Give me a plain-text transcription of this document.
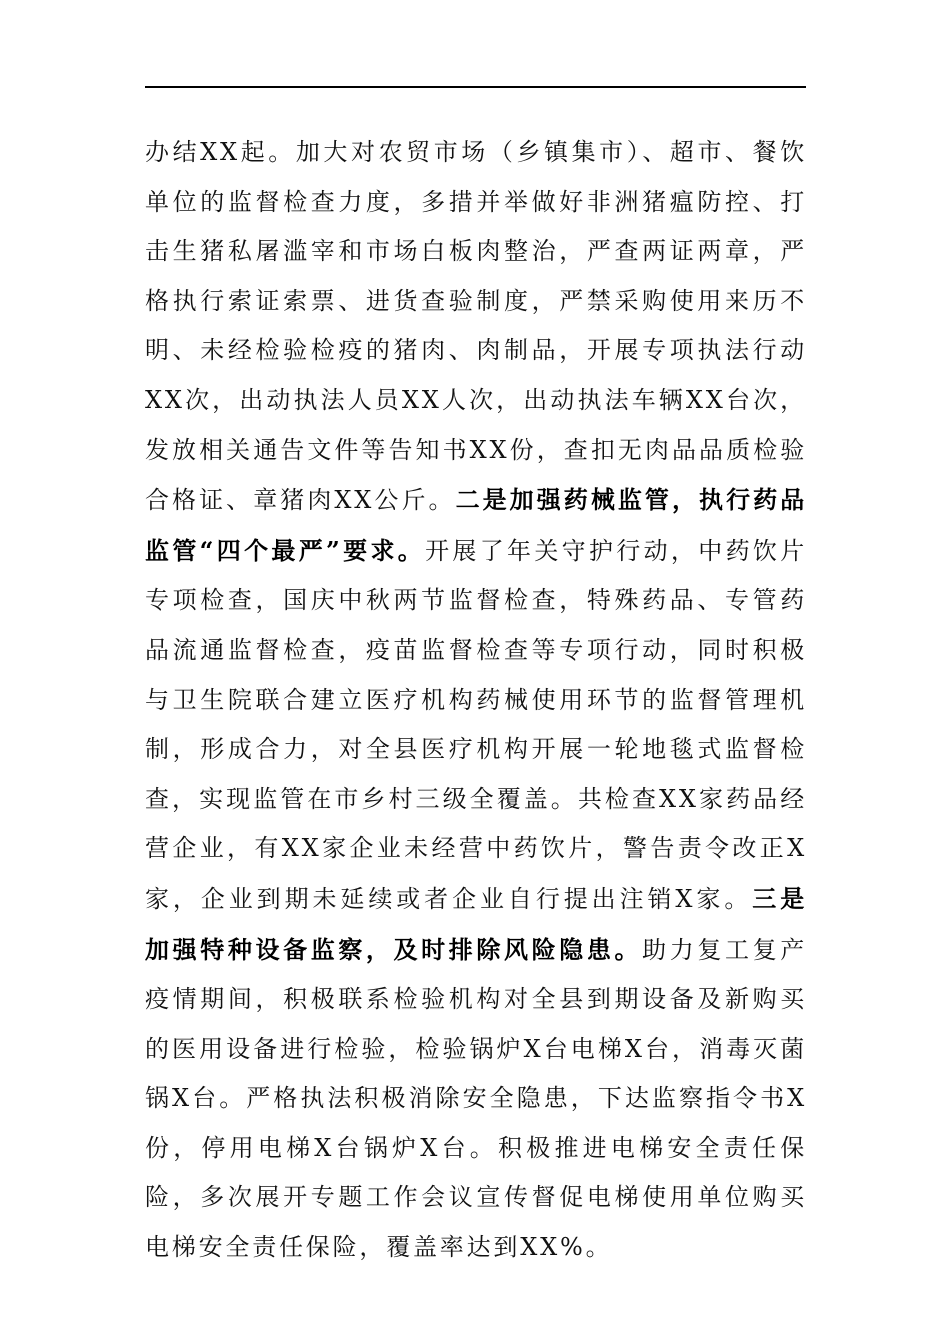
办结XX起。加大对农贸市场（乡镇集市）、超市、餐饮单位的监督检查力度，多措并举做好非洲猪瘟防控、打击生猪私屠滥宰和市场白板肉整治，严查两证两章，严格执行索证索票、进货查验制度，严禁采购使用来历不明、未经检验检疫的猪肉、肉制品，开展专项执法行动XX次，出动执法人员XX人次，出动执法车辆XX台次，发放相关通告文件等告知书XX份，查扣无肉品品质检验合格证、章猪肉XX公斤。二是加强药械监管，执行药品监管“四个最严”要求。开展了年关守护行动，中药饮片专项检查，国庆中秋两节监督检查，特殊药品、专管药品流通监督检查，疫苗监督检查等专项行动，同时积极与卫生院联合建立医疗机构药械使用环节的监督管理机制，形成合力，对全县医疗机构开展一轮地毯式监督检查，实现监管在市乡村三级全覆盖。共检查XX家药品经营企业，有XX家企业未经营中药饮片，警告责令改正X家，企业到期未延续或者企业自行提出注销X家。三是加强特种设备监察，及时排除风险隐患。助力复工复产疫情期间，积极联系检验机构对全县到期设备及新购买的医用设备进行检验，检验锅炉X台电梯X台，消毒灭菌锅X台。严格执法积极消除安全隐患，下达监察指令书X份，停用电梯X台锅炉X台。积极推进电梯安全责任保险，多次展开专题工作会议宣传督促电梯使用单位购买电梯安全责任保险，覆盖率达到XX%。
